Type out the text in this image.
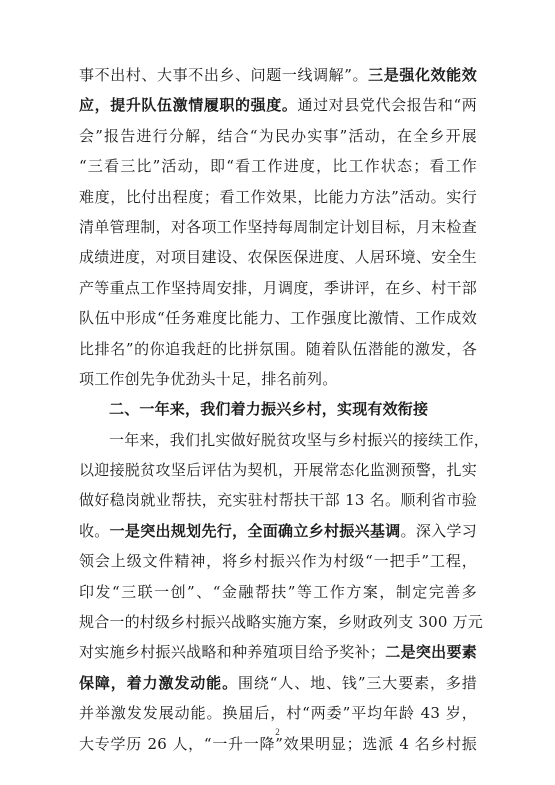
事不出村、大事不出乡、问题一线调解”。三是强化效能效
应，提升队伍激情履职的强度。通过对县党代会报告和“两
会”报告进行分解，结合“为民办实事”活动，在全乡开展
“三看三比”活动，即“看工作进度，比工作状态；看工作
难度，比付出程度；看工作效果，比能力方法”活动。实行
清单管理制，对各项工作坚持每周制定计划目标，月末检查
成绩进度，对项目建设、农保医保进度、人居环境、安全生
产等重点工作坚持周安排，月调度，季讲评，在乡、村干部
队伍中形成“任务难度比能力、工作强度比激情、工作成效
比排名”的你追我赶的比拼氛围。随着队伍潜能的激发，各
项工作创先争优劲头十足，排名前列。
二、一年来，我们着力振兴乡村，实现有效衔接
一年来，我们扎实做好脱贫攻坚与乡村振兴的接续工作，
以迎接脱贫攻坚后评估为契机，开展常态化监测预警，扎实
做好稳岗就业帮扶，充实驻村帮扶干部 13 名。顺利省市验
收。一是突出规划先行，全面确立乡村振兴基调。深入学习
领会上级文件精神，将乡村振兴作为村级“一把手”工程，
印发“三联一创”、“金融帮扶”等工作方案，制定完善多
规合一的村级乡村振兴战略实施方案，乡财政列支 300 万元
对实施乡村振兴战略和种养殖项目给予奖补；二是突出要素
保障，着力激发动能。围绕“人、地、钱”三大要素，多措
并举激发发展动能。换届后，村“两委”平均年龄 43 岁，
大专学历 26 人，“一升一降”效果明显；选派 4 名乡村振
2
